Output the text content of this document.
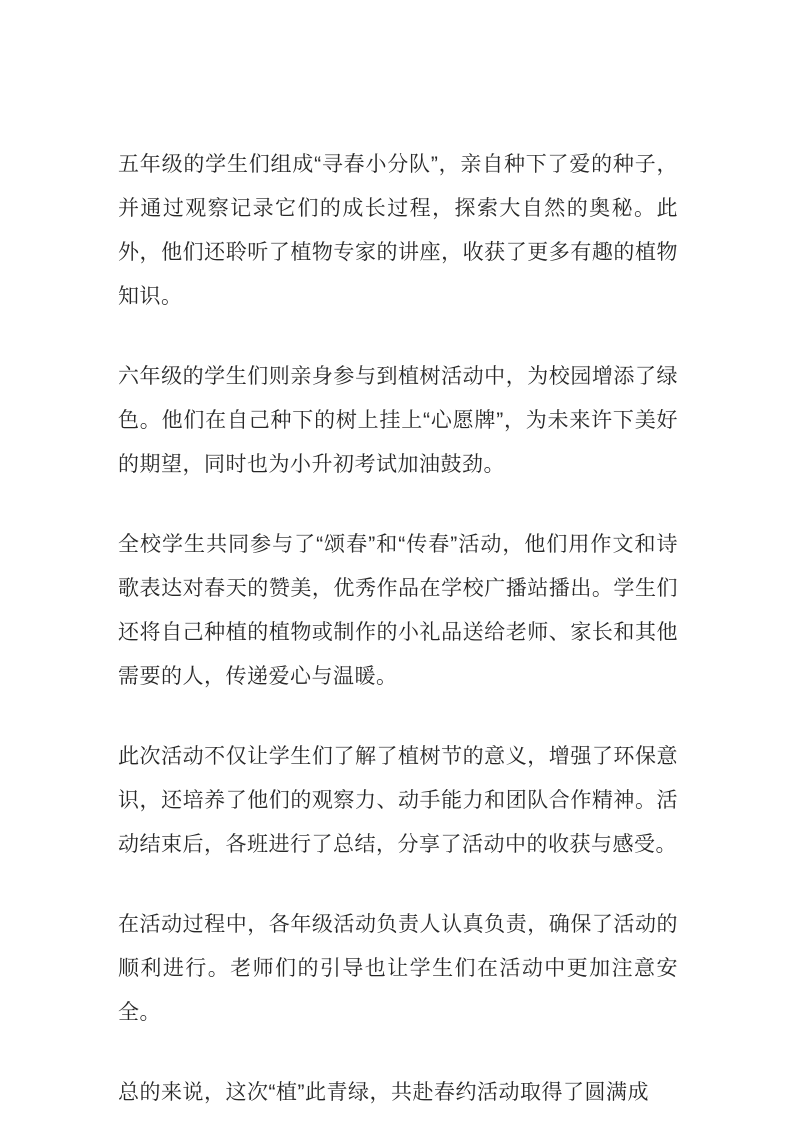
五年级的学生们组成“寻春小分队”，亲自种下了爱的种子，并通过观察记录它们的成长过程，探索大自然的奥秘。此外，他们还聆听了植物专家的讲座，收获了更多有趣的植物知识。

六年级的学生们则亲身参与到植树活动中，为校园增添了绿色。他们在自己种下的树上挂上“心愿牌”，为未来许下美好的期望，同时也为小升初考试加油鼓劲。

全校学生共同参与了“颂春”和“传春”活动，他们用作文和诗歌表达对春天的赞美，优秀作品在学校广播站播出。学生们还将自己种植的植物或制作的小礼品送给老师、家长和其他需要的人，传递爱心与温暖。

此次活动不仅让学生们了解了植树节的意义，增强了环保意识，还培养了他们的观察力、动手能力和团队合作精神。活动结束后，各班进行了总结，分享了活动中的收获与感受。

在活动过程中，各年级活动负责人认真负责，确保了活动的顺利进行。老师们的引导也让学生们在活动中更加注意安全。

总的来说，这次“植”此青绿，共赴春约活动取得了圆满成
